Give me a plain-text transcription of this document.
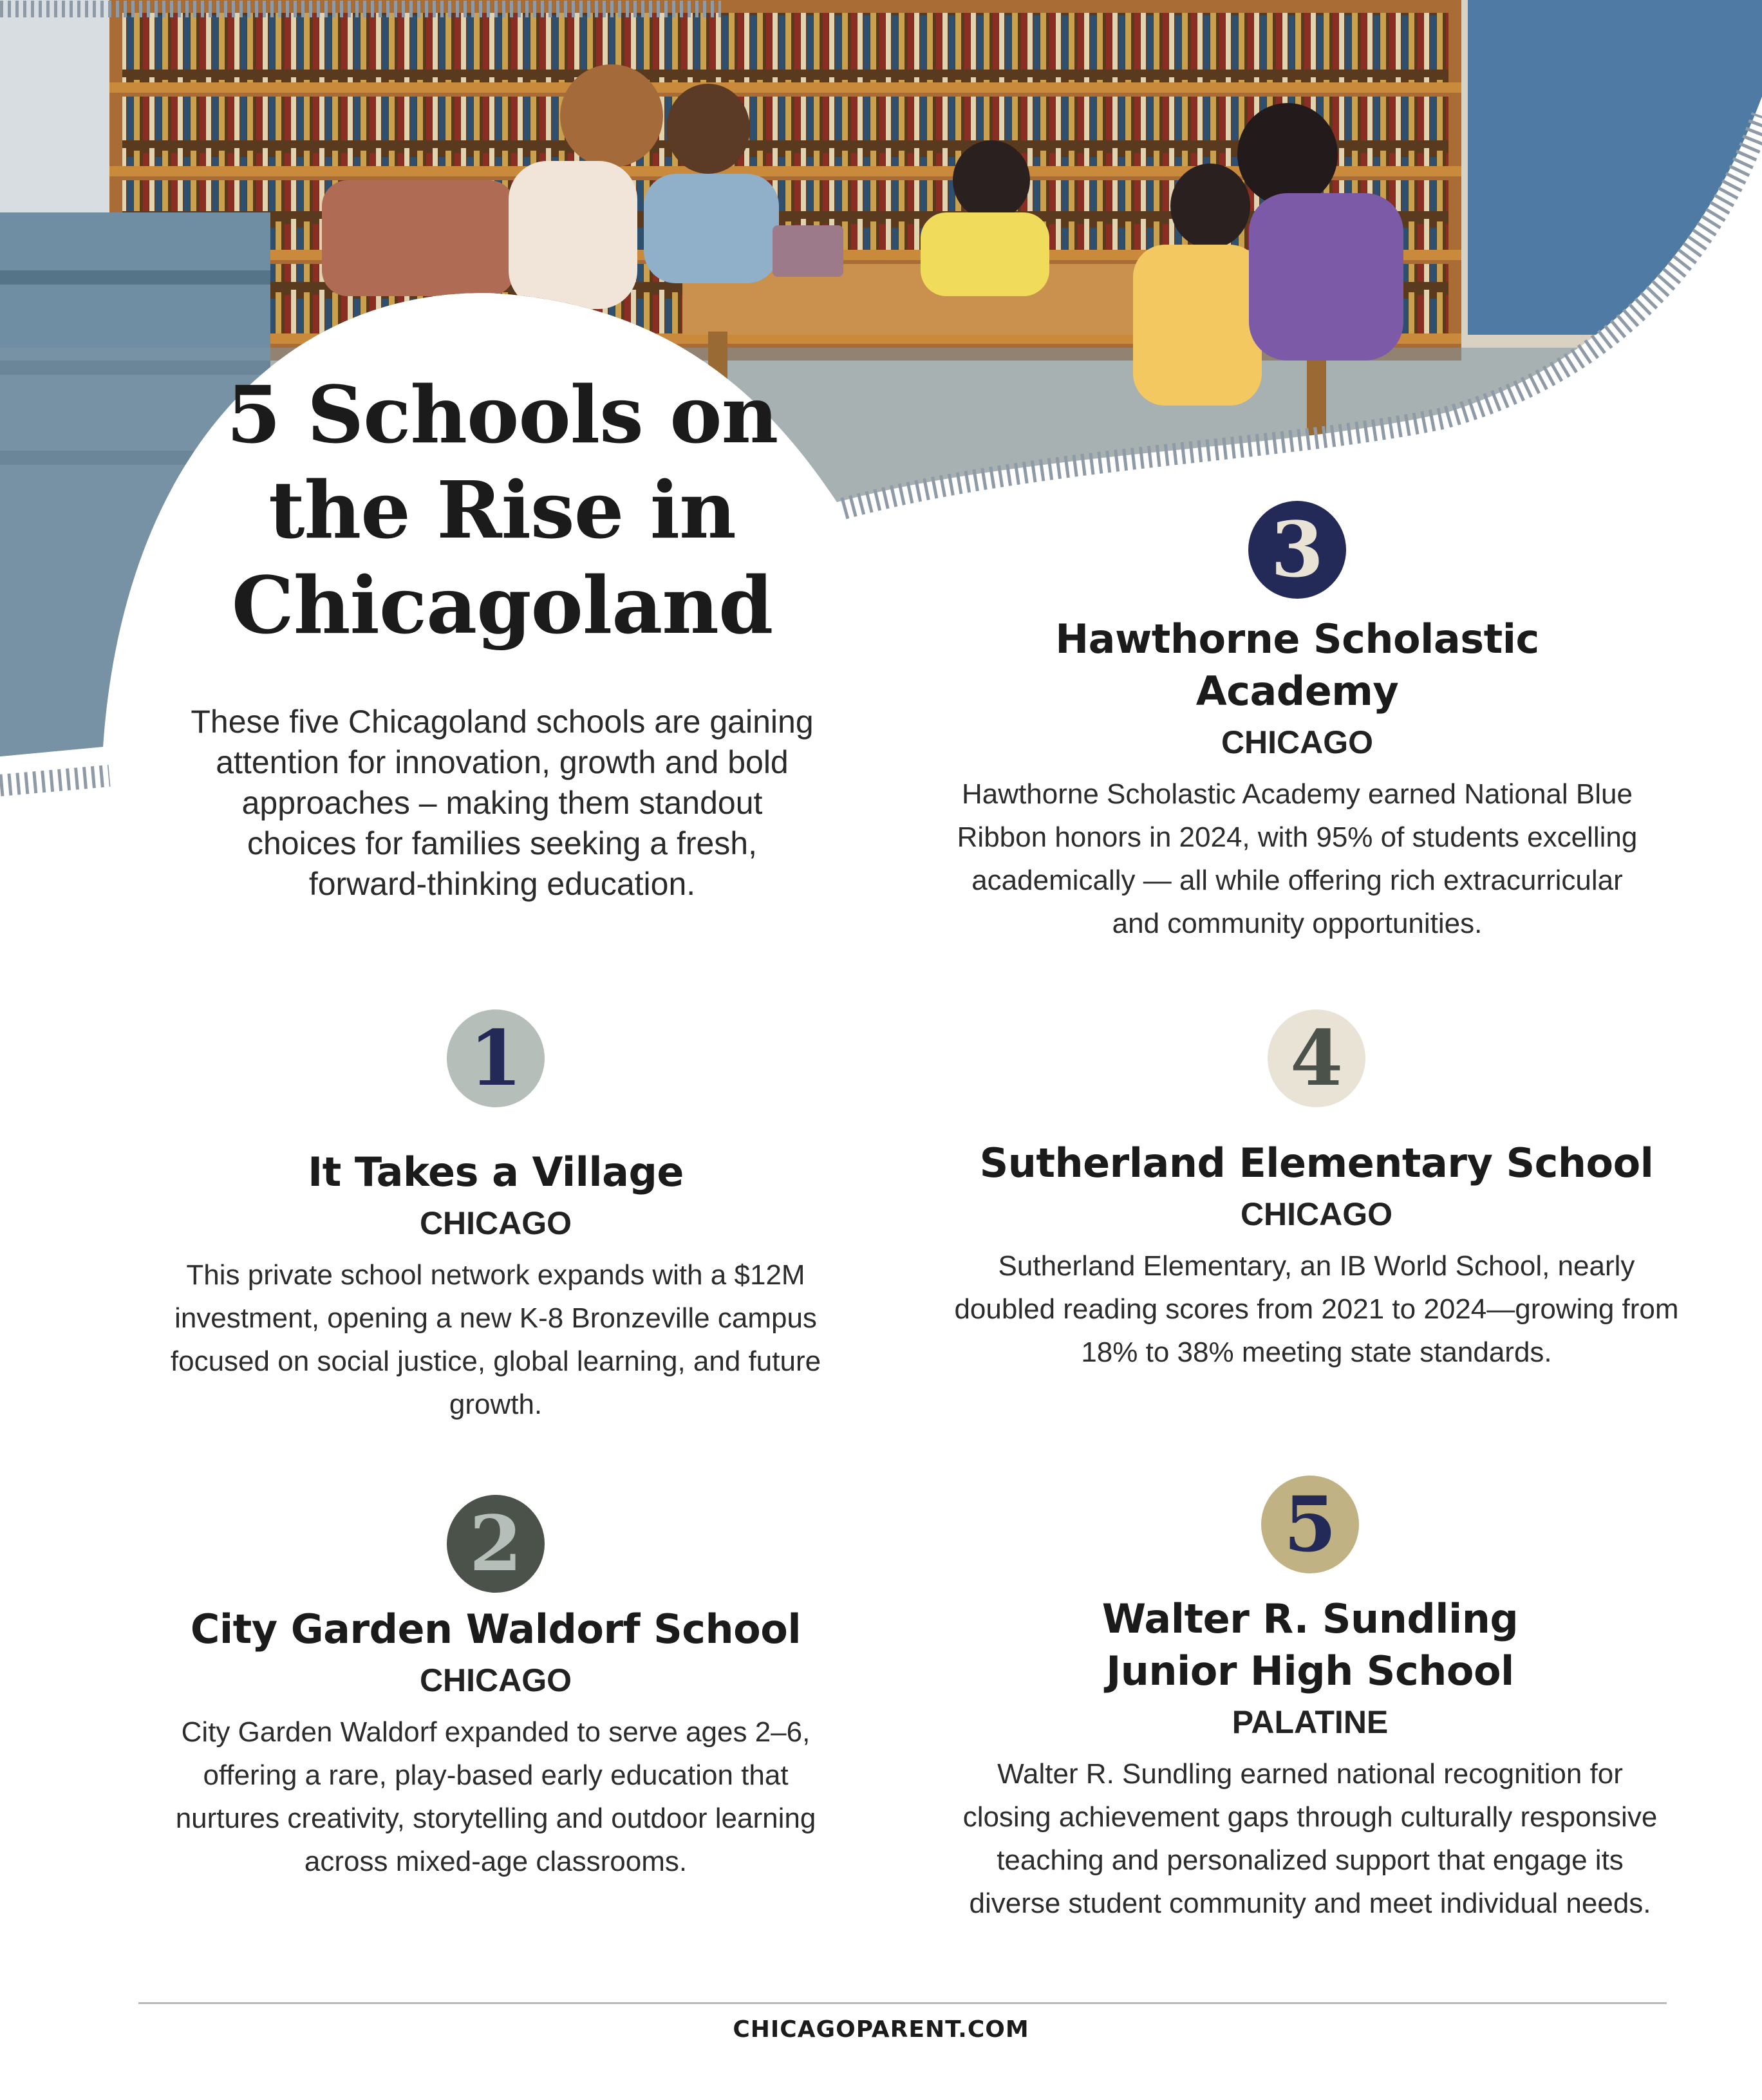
5 Schools on the Rise in Chicagoland

These five Chicagoland schools are gaining attention for innovation, growth and bold approaches – making them standout choices for families seeking a fresh, forward-thinking education.

1
It Takes a Village

CHICAGO

This private school network expands with a $12M investment, opening a new K-8 Bronzeville campus focused on social justice, global learning, and future growth.

2
City Garden Waldorf School

CHICAGO

City Garden Waldorf expanded to serve ages 2–6, offering a rare, play-based early education that nurtures creativity, storytelling and outdoor learning across mixed-age classrooms.

3
Hawthorne Scholastic Academy

CHICAGO

Hawthorne Scholastic Academy earned National Blue Ribbon honors in 2024, with 95% of students excelling academically — all while offering rich extracurricular and community opportunities.

4
Sutherland Elementary School

CHICAGO

Sutherland Elementary, an IB World School, nearly doubled reading scores from 2021 to 2024—growing from 18% to 38% meeting state standards.

5
Walter R. Sundling Junior High School

PALATINE

Walter R. Sundling earned national recognition for closing achievement gaps through culturally responsive teaching and personalized support that engage its diverse student community and meet individual needs.

CHICAGOPARENT.COM
